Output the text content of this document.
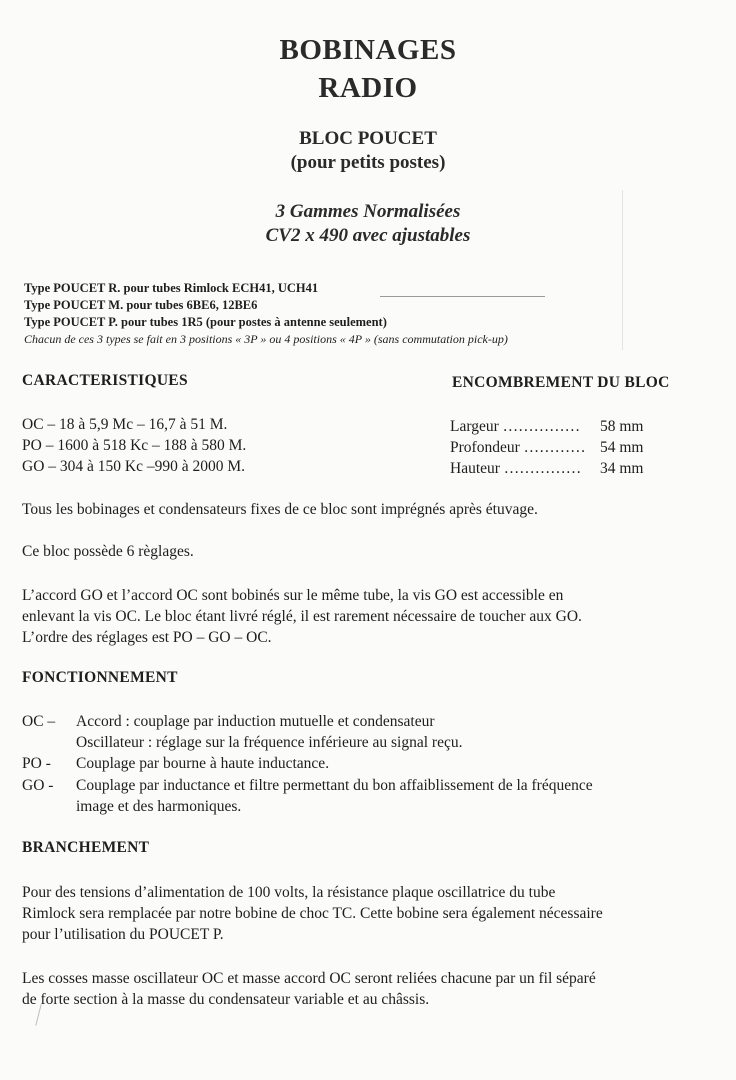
BOBINAGES
RADIO
BLOC POUCET
(pour petits postes)
3 Gammes Normalisées
CV2 x 490 avec ajustables
Type POUCET R. pour tubes Rimlock ECH41, UCH41
Type POUCET M. pour tubes 6BE6, 12BE6
Type POUCET P. pour tubes 1R5 (pour postes à antenne seulement)
Chacun de ces 3 types se fait en 3 positions « 3P » ou 4 positions « 4P » (sans commutation pick-up)
CARACTERISTIQUES	ENCOMBREMENT DU BLOC
OC – 18 à 5,9 Mc – 16,7 à 51 M.
PO – 1600 à 518 Kc – 188 à 580 M.
GO – 304 à 150 Kc –990 à 2000 M.
Largeur …………… 58 mm
Profondeur ………… 54 mm
Hauteur …………… 34 mm
Tous les bobinages et condensateurs fixes de ce bloc sont imprégnés après étuvage.
Ce bloc possède 6 règlages.
L’accord GO et l’accord OC sont bobinés sur le même tube, la vis GO est accessible en
enlevant la vis OC. Le bloc étant livré réglé, il est rarement nécessaire de toucher aux GO.
L’ordre des réglages est PO – GO – OC.
FONCTIONNEMENT
OC –	Accord : couplage par induction mutuelle et condensateur
Oscillateur : réglage sur la fréquence inférieure au signal reçu.
PO -	Couplage par bourne à haute inductance.
GO -	Couplage par inductance et filtre permettant du bon affaiblissement de la fréquence
image et des harmoniques.
BRANCHEMENT
Pour des tensions d’alimentation de 100 volts, la résistance plaque oscillatrice du tube
Rimlock sera remplacée par notre bobine de choc TC. Cette bobine sera également nécessaire
pour l’utilisation du POUCET P.
Les cosses masse oscillateur OC et masse accord OC seront reliées chacune par un fil séparé
de forte section à la masse du condensateur variable et au châssis.
